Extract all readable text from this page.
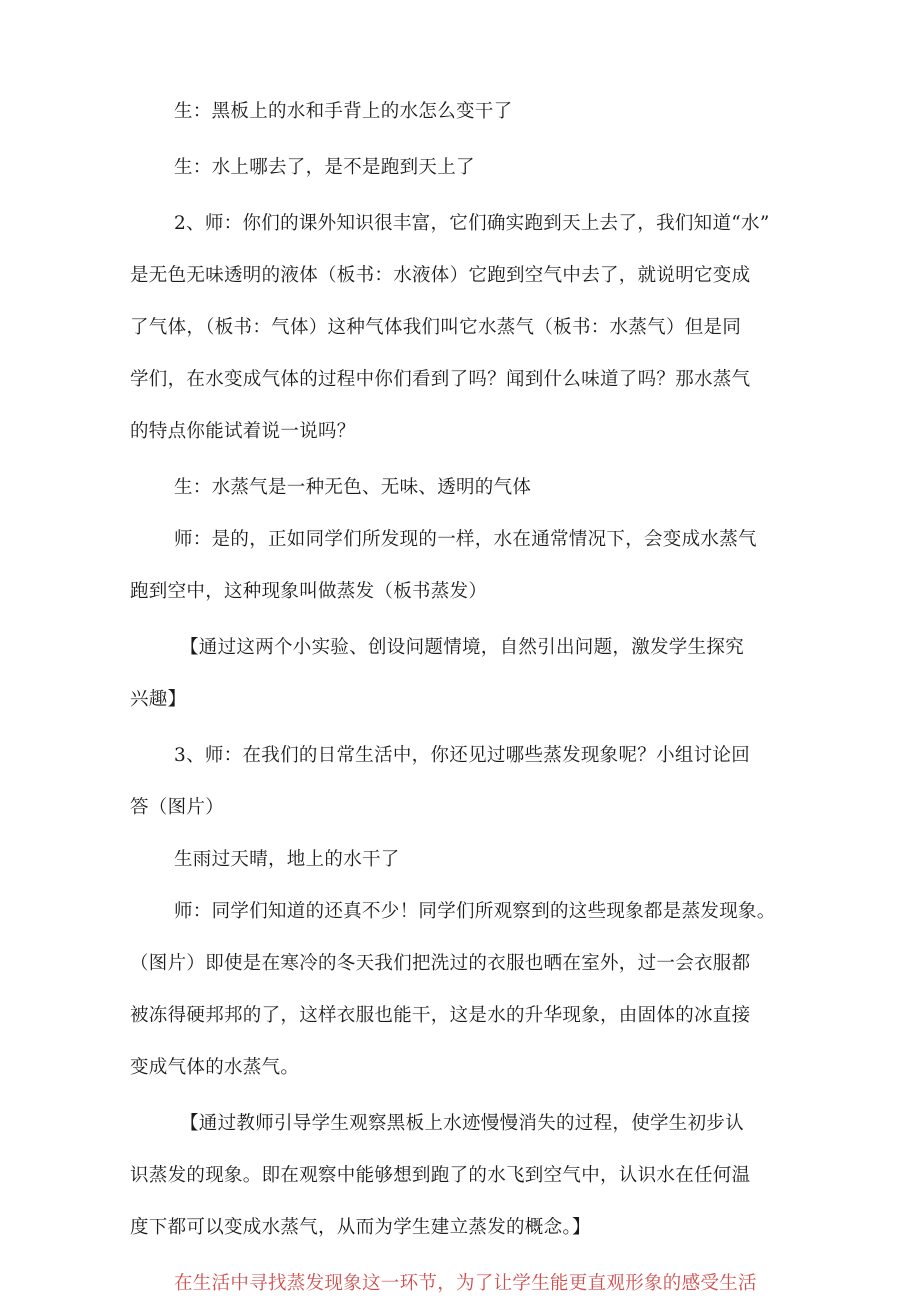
生：黑板上的水和手背上的水怎么变干了
生：水上哪去了，是不是跑到天上了
2、师：你们的课外知识很丰富，它们确实跑到天上去了，我们知道“水”
是无色无味透明的液体（板书：水液体）它跑到空气中去了，就说明它变成
了气体，（板书：气体）这种气体我们叫它水蒸气（板书：水蒸气）但是同
学们，在水变成气体的过程中你们看到了吗？闻到什么味道了吗？那水蒸气
的特点你能试着说一说吗？
生：水蒸气是一种无色、无味、透明的气体
师：是的，正如同学们所发现的一样，水在通常情况下，会变成水蒸气
跑到空中，这种现象叫做蒸发（板书蒸发）
【通过这两个小实验、创设问题情境，自然引出问题，激发学生探究
兴趣】
3、师：在我们的日常生活中，你还见过哪些蒸发现象呢？小组讨论回
答（图片）
生雨过天晴，地上的水干了
师：同学们知道的还真不少！同学们所观察到的这些现象都是蒸发现象。
（图片）即使是在寒冷的冬天我们把洗过的衣服也晒在室外，过一会衣服都
被冻得硬邦邦的了，这样衣服也能干，这是水的升华现象，由固体的冰直接
变成气体的水蒸气。
【通过教师引导学生观察黑板上水迹慢慢消失的过程，使学生初步认
识蒸发的现象。即在观察中能够想到跑了的水飞到空气中，认识水在任何温
度下都可以变成水蒸气，从而为学生建立蒸发的概念。】
在生活中寻找蒸发现象这一环节，为了让学生能更直观形象的感受生活
